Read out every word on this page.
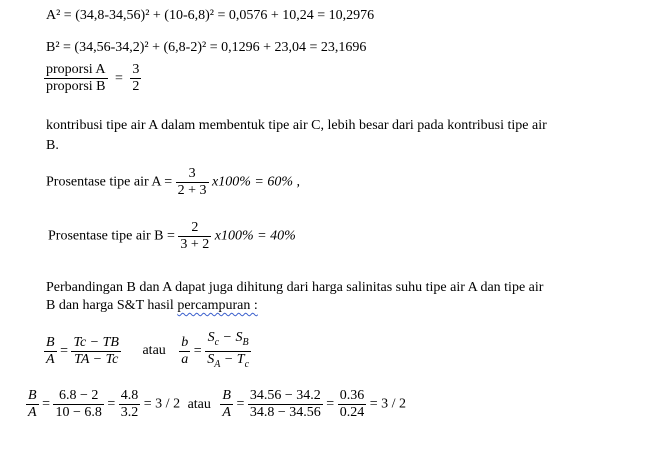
A² = (34,8-34,56)² + (10-6,8)² = 0,0576 + 10,24 = 10,2976
B² = (34,56-34,2)² + (6,8-2)² = 0,1296 + 23,04 = 23,1696
$\frac{\text{proporsi A}}{\text{proporsi B}} = \frac{3}{2}$
kontribusi tipe air A dalam membentuk tipe air C, lebih besar dari pada kontribusi tipe air
B.
Prosentase tipe air $A = \frac{3}{2 + 3} x100\% = 60\%$ ,
Prosentase tipe air $B = \frac{2}{3 + 2} x100\% = 40\%$
Perbandingan B dan A dapat juga dihitung dari harga salinitas suhu tipe air A dan tipe air
B dan harga S&T hasil percampuran :
$\frac{B}{A} = \frac{Tc - TB}{TA - Tc}$ atau $\frac{b}{a} = \frac{S_c - S_B}{S_A - T_c}$
$\frac{B}{A} = \frac{6.8 - 2}{10 - 6.8} = \frac{4.8}{3.2} = 3 / 2$ atau $\frac{B}{A} = \frac{34.56 - 34.2}{34.8 - 34.56} = \frac{0.36}{0.24} = 3 / 2$
